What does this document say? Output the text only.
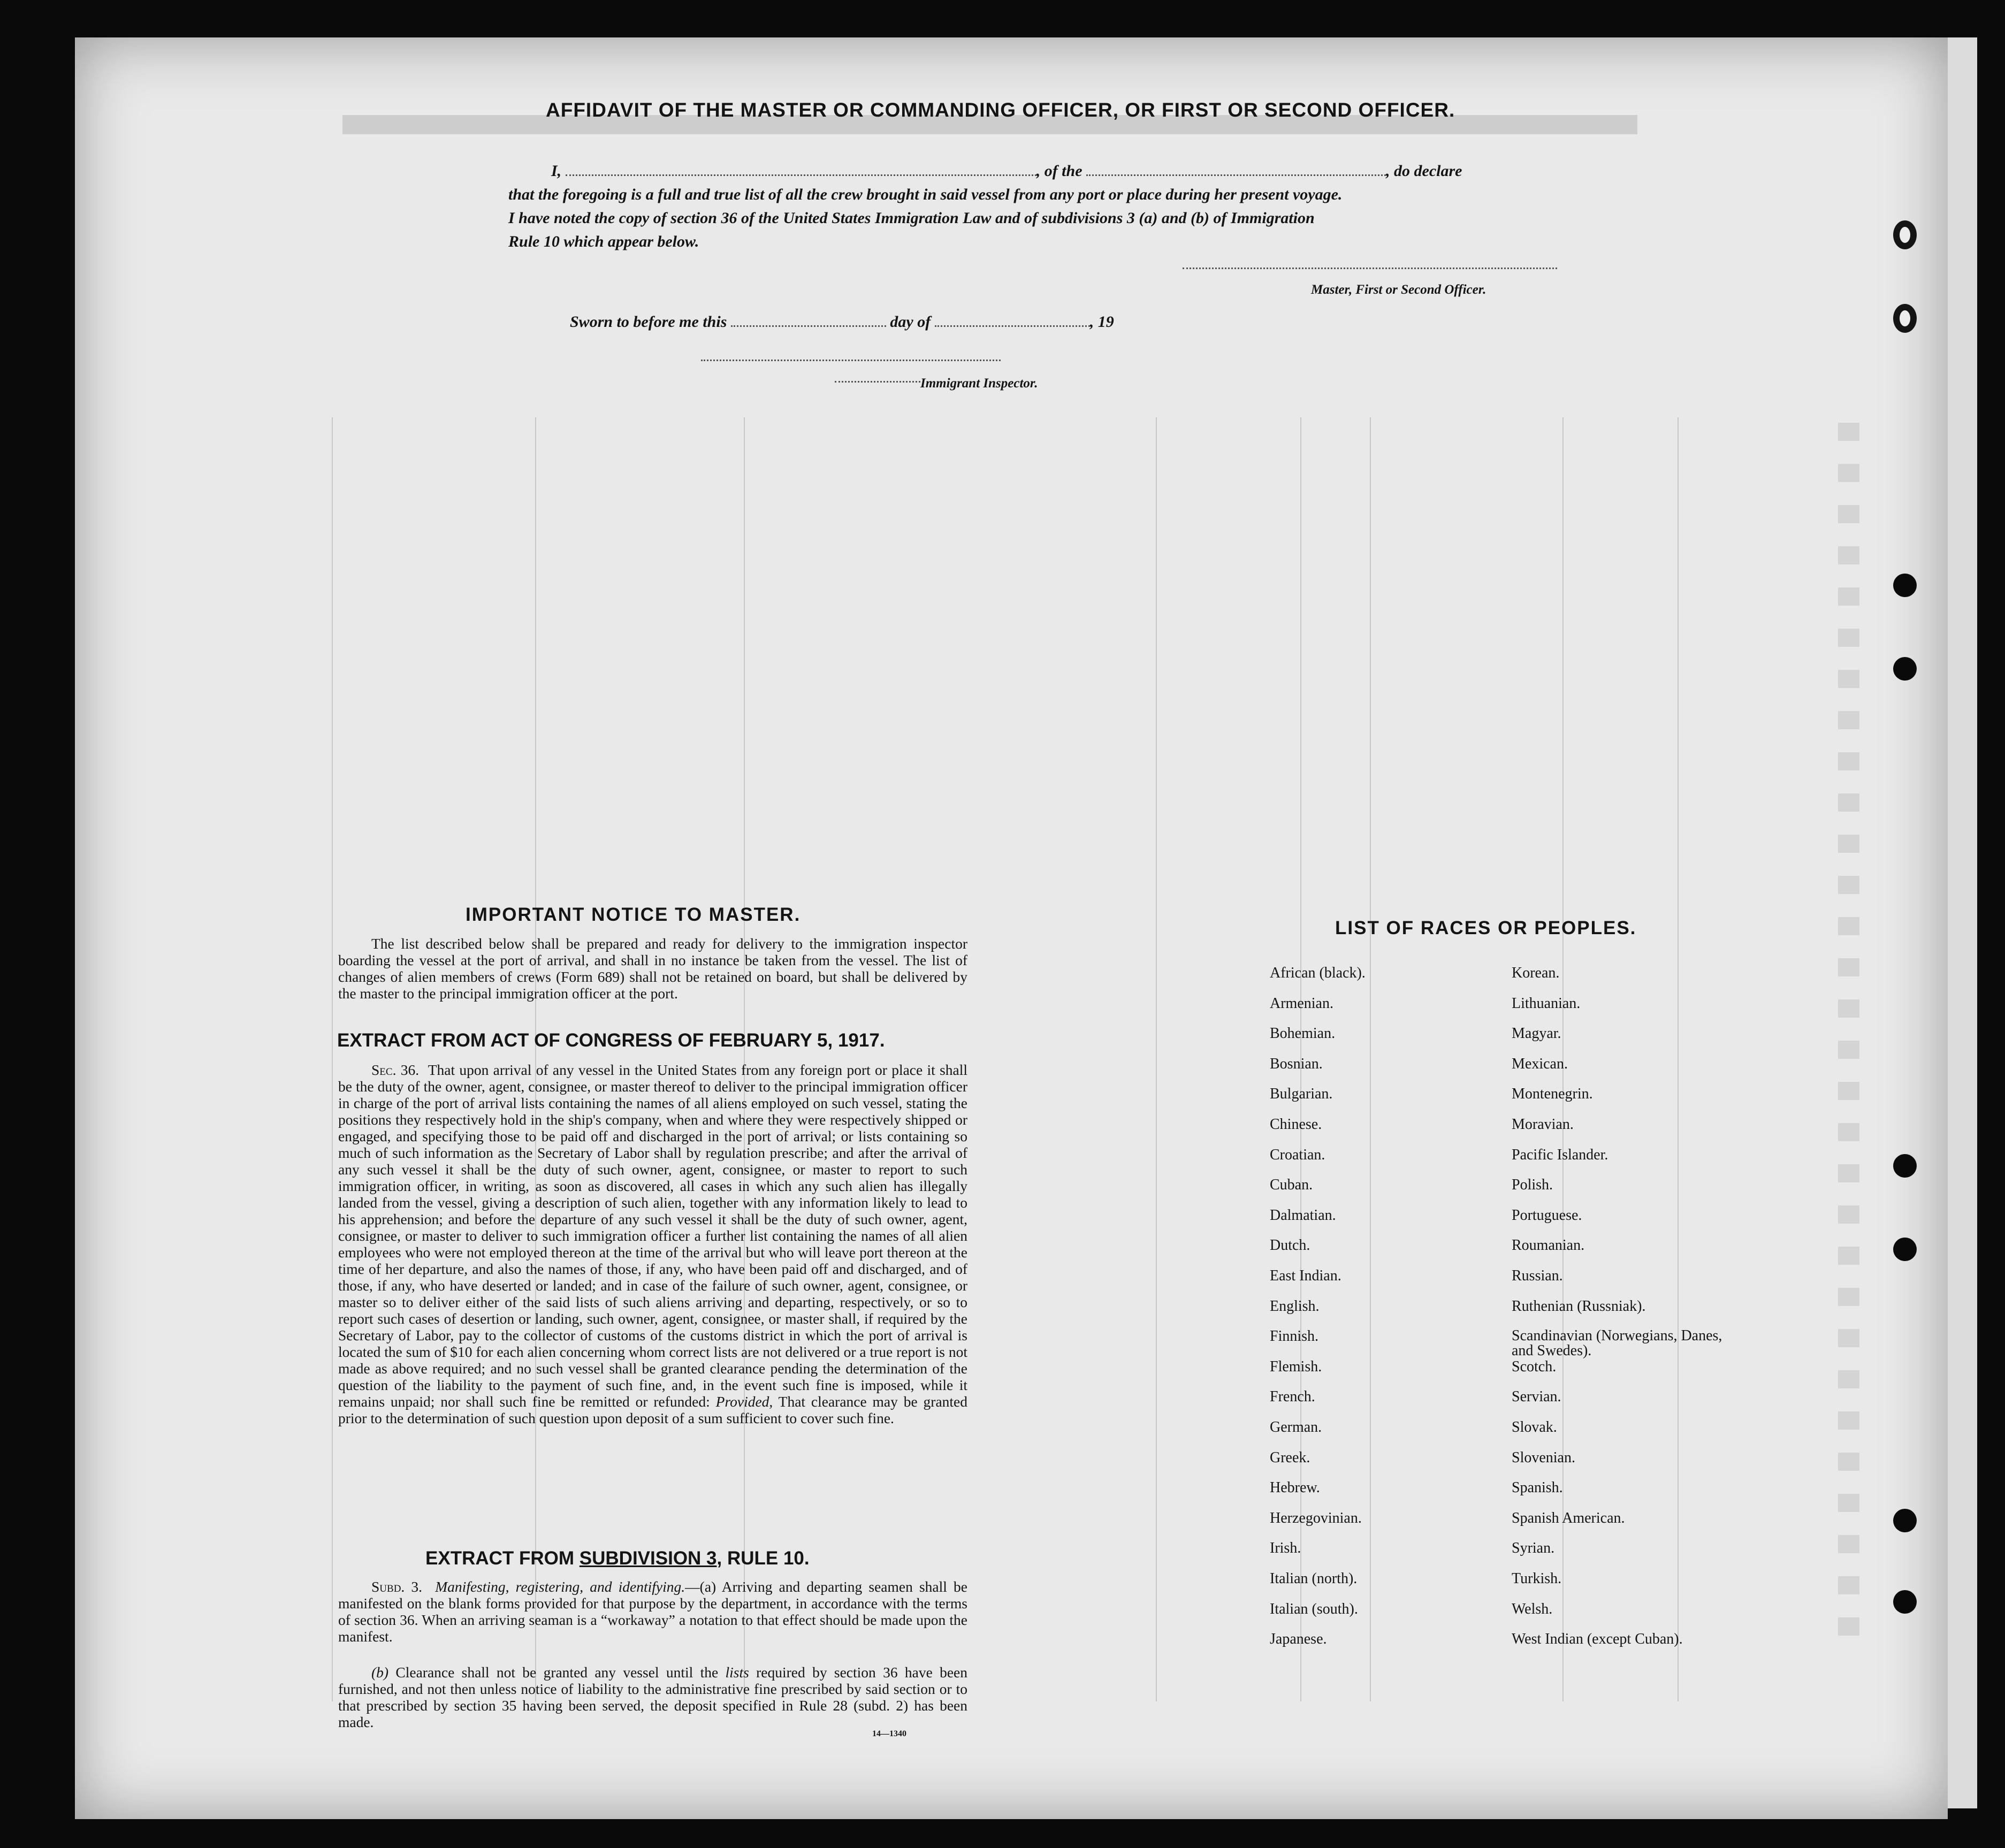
AFFIDAVIT OF THE MASTER OR COMMANDING OFFICER, OR FIRST OR SECOND OFFICER.
I,	, of the	, do declare
that the foregoing is a full and true list of all the crew brought in said vessel from any port or place during her present voyage.
I have noted the copy of section 36 of the United States Immigration Law and of subdivisions 3 (a) and (b) of Immigration
Rule 10 which appear below.
Master, First or Second Officer.
Sworn to before me this	day of	, 19
Immigrant Inspector.
IMPORTANT NOTICE TO MASTER.
The list described below shall be prepared and ready for delivery to the immigration inspector boarding the vessel at the port of arrival, and shall in no instance be taken from the vessel. The list of changes of alien members of crews (Form 689) shall not be retained on board, but shall be delivered by the master to the principal immigration officer at the port.
EXTRACT FROM ACT OF CONGRESS OF FEBRUARY 5, 1917.
Sec. 36. That upon arrival of any vessel in the United States from any foreign port or place it shall be the duty of the owner, agent, consignee, or master thereof to deliver to the principal immigration officer in charge of the port of arrival lists containing the names of all aliens employed on such vessel, stating the positions they respectively hold in the ship's company, when and where they were respectively shipped or engaged, and specifying those to be paid off and discharged in the port of arrival; or lists containing so much of such information as the Secretary of Labor shall by regulation prescribe; and after the arrival of any such vessel it shall be the duty of such owner, agent, consignee, or master to report to such immigration officer, in writing, as soon as discovered, all cases in which any such alien has illegally landed from the vessel, giving a description of such alien, together with any information likely to lead to his apprehension; and before the departure of any such vessel it shall be the duty of such owner, agent, consignee, or master to deliver to such immigration officer a further list containing the names of all alien employees who were not employed thereon at the time of the arrival but who will leave port thereon at the time of her departure, and also the names of those, if any, who have been paid off and discharged, and of those, if any, who have deserted or landed; and in case of the failure of such owner, agent, consignee, or master so to deliver either of the said lists of such aliens arriving and departing, respectively, or so to report such cases of desertion or landing, such owner, agent, consignee, or master shall, if required by the Secretary of Labor, pay to the collector of customs of the customs district in which the port of arrival is located the sum of $10 for each alien concerning whom correct lists are not delivered or a true report is not made as above required; and no such vessel shall be granted clearance pending the determination of the question of the liability to the payment of such fine, and, in the event such fine is imposed, while it remains unpaid; nor shall such fine be remitted or refunded: Provided, That clearance may be granted prior to the determination of such question upon deposit of a sum sufficient to cover such fine.
EXTRACT FROM SUBDIVISION 3, RULE 10.
Subd. 3. Manifesting, registering, and identifying.—(a) Arriving and departing seamen shall be manifested on the blank forms provided for that purpose by the department, in accordance with the terms of section 36. When an arriving seaman is a “workaway” a notation to that effect should be made upon the manifest.
(b) Clearance shall not be granted any vessel until the lists required by section 36 have been furnished, and not then unless notice of liability to the administrative fine prescribed by said section or to that prescribed by section 35 having been served, the deposit specified in Rule 28 (subd. 2) has been made.
14—1340
LIST OF RACES OR PEOPLES.
African (black).
Armenian.
Bohemian.
Bosnian.
Bulgarian.
Chinese.
Croatian.
Cuban.
Dalmatian.
Dutch.
East Indian.
English.
Finnish.
Flemish.
French.
German.
Greek.
Hebrew.
Herzegovinian.
Irish.
Italian (north).
Italian (south).
Japanese.
Korean.
Lithuanian.
Magyar.
Mexican.
Montenegrin.
Moravian.
Pacific Islander.
Polish.
Portuguese.
Roumanian.
Russian.
Ruthenian (Russniak).
Scandinavian (Norwegians, Danes, and Swedes).
Scotch.
Servian.
Slovak.
Slovenian.
Spanish.
Spanish American.
Syrian.
Turkish.
Welsh.
West Indian (except Cuban).
